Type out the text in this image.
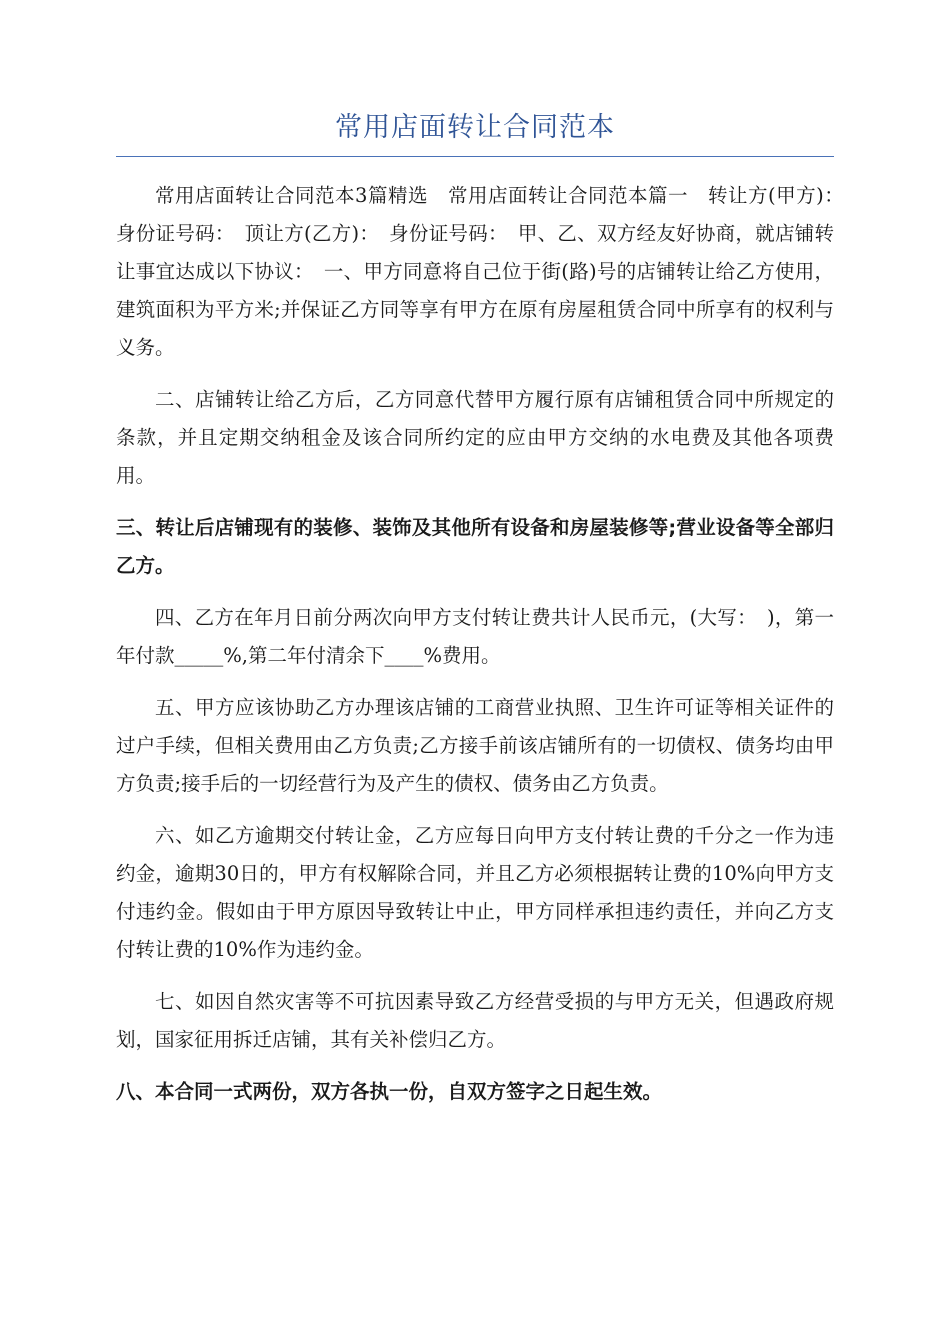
常用店面转让合同范本

常用店面转让合同范本3篇精选　常用店面转让合同范本篇一　转让方(甲方)：　身份证号码：　顶让方(乙方)：　身份证号码：　甲、乙、双方经友好协商，就店铺转让事宜达成以下协议：　一、甲方同意将自己位于街(路)号的店铺转让给乙方使用，建筑面积为平方米;并保证乙方同等享有甲方在原有房屋租赁合同中所享有的权利与义务。

二、店铺转让给乙方后，乙方同意代替甲方履行原有店铺租赁合同中所规定的条款，并且定期交纳租金及该合同所约定的应由甲方交纳的水电费及其他各项费用。

三、转让后店铺现有的装修、装饰及其他所有设备和房屋装修等;营业设备等全部归乙方。

四、乙方在年月日前分两次向甲方支付转让费共计人民币元，(大写：　)，第一年付款_____%,第二年付清余下____%费用。

五、甲方应该协助乙方办理该店铺的工商营业执照、卫生许可证等相关证件的过户手续，但相关费用由乙方负责;乙方接手前该店铺所有的一切债权、债务均由甲方负责;接手后的一切经营行为及产生的债权、债务由乙方负责。

六、如乙方逾期交付转让金，乙方应每日向甲方支付转让费的千分之一作为违约金，逾期30日的，甲方有权解除合同，并且乙方必须根据转让费的10%向甲方支付违约金。假如由于甲方原因导致转让中止，甲方同样承担违约责任，并向乙方支付转让费的10%作为违约金。

七、如因自然灾害等不可抗因素导致乙方经营受损的与甲方无关，但遇政府规划，国家征用拆迁店铺，其有关补偿归乙方。

八、本合同一式两份，双方各执一份，自双方签字之日起生效。
